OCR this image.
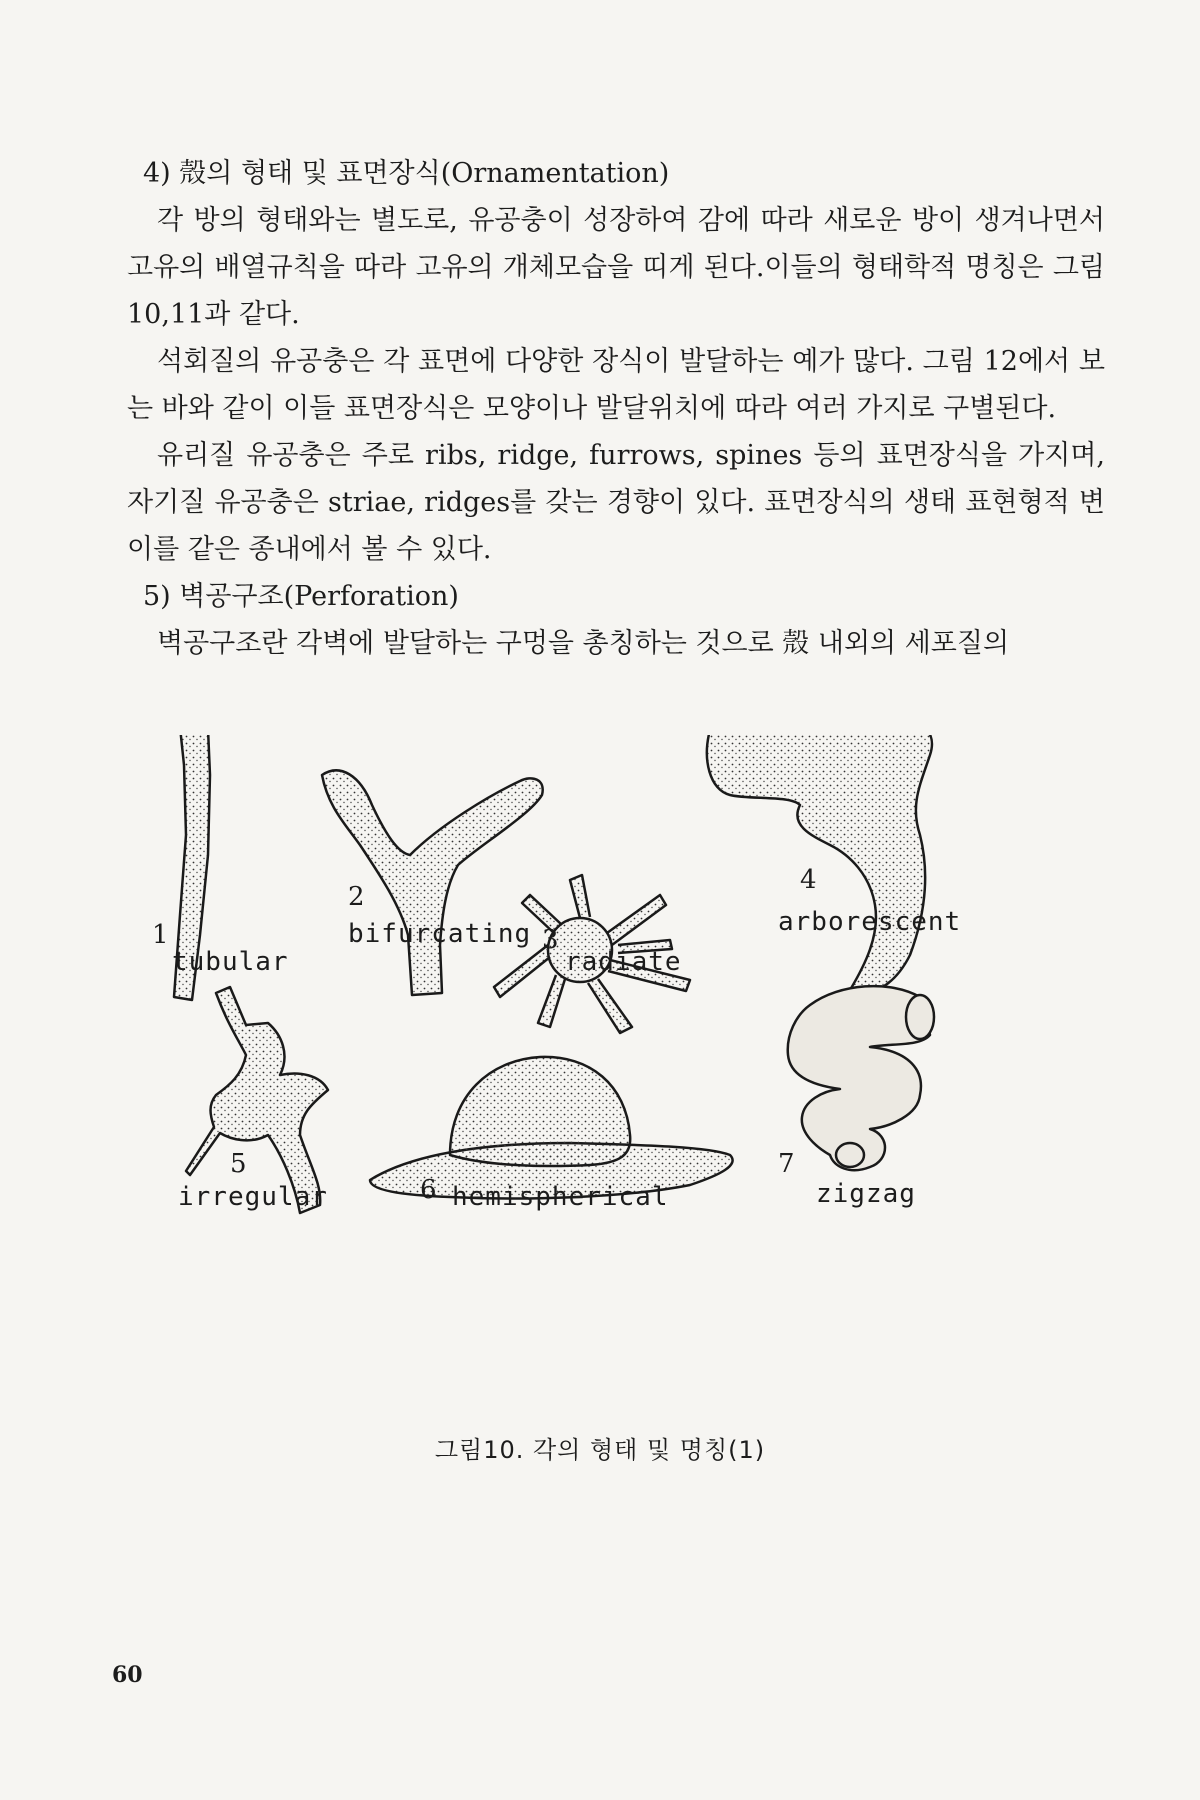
4) 殼의 형태 및 표면장식(Ornamentation)

각 방의 형태와는 별도로, 유공충이 성장하여 감에 따라 새로운 방이 생겨나면서 고유의 배열규칙을 따라 고유의 개체모습을 띠게 된다.이들의 형태학적 명칭은 그림 10,11과 같다.

석회질의 유공충은 각 표면에 다양한 장식이 발달하는 예가 많다. 그림 12에서 보는 바와 같이 이들 표면장식은 모양이나 발달위치에 따라 여러 가지로 구별된다.

유리질 유공충은 주로 ribs, ridge, furrows, spines 등의 표면장식을 가지며, 자기질 유공충은 striae, ridges를 갖는 경향이 있다. 표면장식의 생태 표현형적 변이를 같은 종내에서 볼 수 있다.

5) 벽공구조(Perforation)

벽공구조란 각벽에 발달하는 구멍을 총칭하는 것으로 殼 내외의 세포질의

1
tubular
2
bifurcating 3
radiate
4
arborescent
5
irregular	6 hemispherical
7
zigzag
그림10. 각의 형태 및 명칭(1)
60
